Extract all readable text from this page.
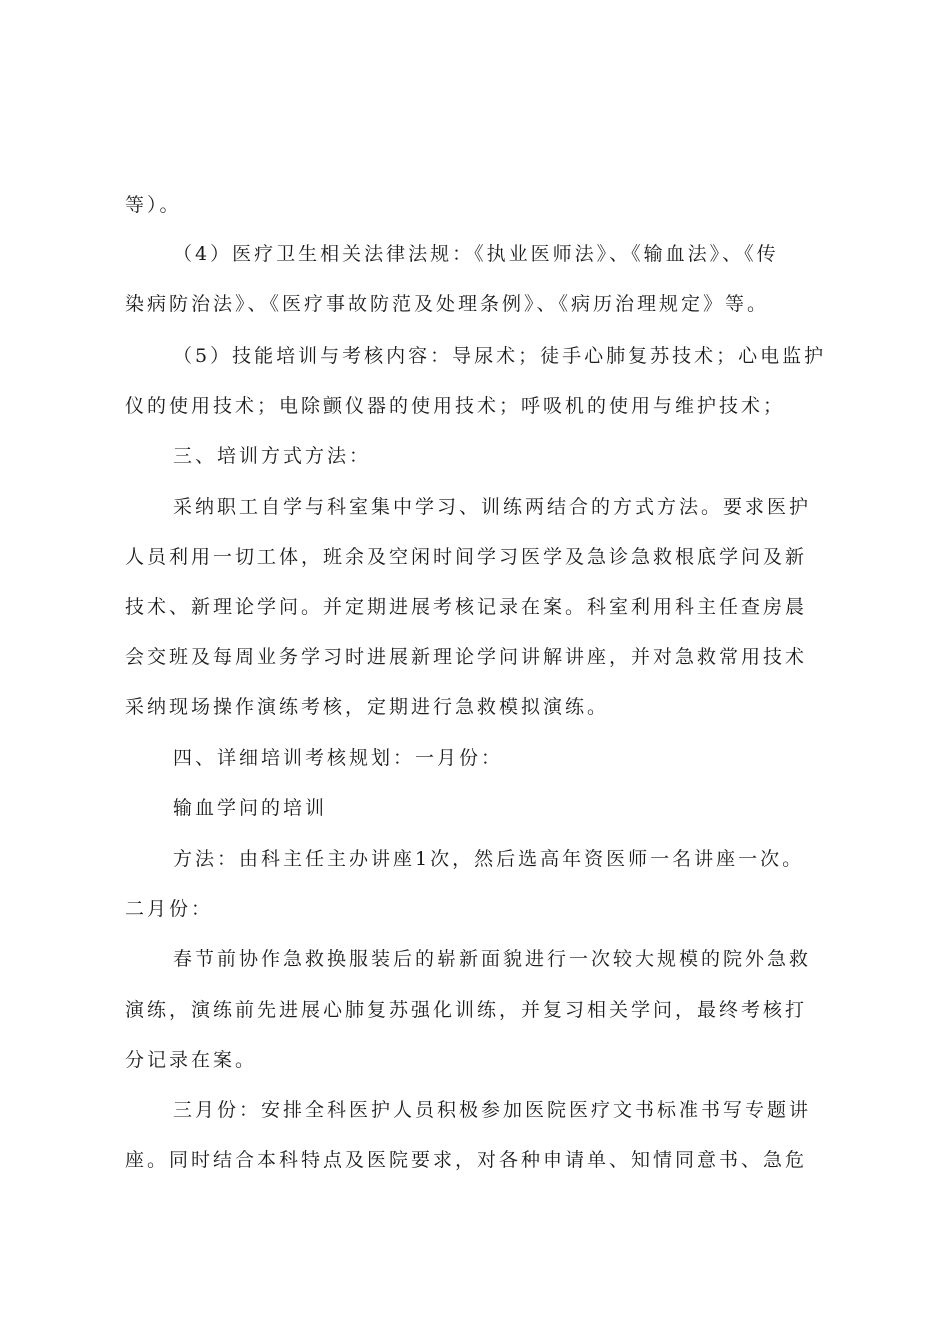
等）。
（4）医疗卫生相关法律法规：《执业医师法》、《输血法》、《传
染病防治法》、《医疗事故防范及处理条例》、《病历治理规定》等。
（5）技能培训与考核内容：导尿术；徒手心肺复苏技术；心电监护
仪的使用技术；电除颤仪器的使用技术；呼吸机的使用与维护技术；
三、培训方式方法：
采纳职工自学与科室集中学习、训练两结合的方式方法。要求医护
人员利用一切工体，班余及空闲时间学习医学及急诊急救根底学问及新
技术、新理论学问。并定期进展考核记录在案。科室利用科主任查房晨
会交班及每周业务学习时进展新理论学问讲解讲座，并对急救常用技术
采纳现场操作演练考核，定期进行急救模拟演练。
四、详细培训考核规划：一月份：
输血学问的培训
方法：由科主任主办讲座1次，然后选高年资医师一名讲座一次。
二月份：
春节前协作急救换服装后的崭新面貌进行一次较大规模的院外急救
演练，演练前先进展心肺复苏强化训练，并复习相关学问，最终考核打
分记录在案。
三月份：安排全科医护人员积极参加医院医疗文书标准书写专题讲
座。同时结合本科特点及医院要求，对各种申请单、知情同意书、急危
